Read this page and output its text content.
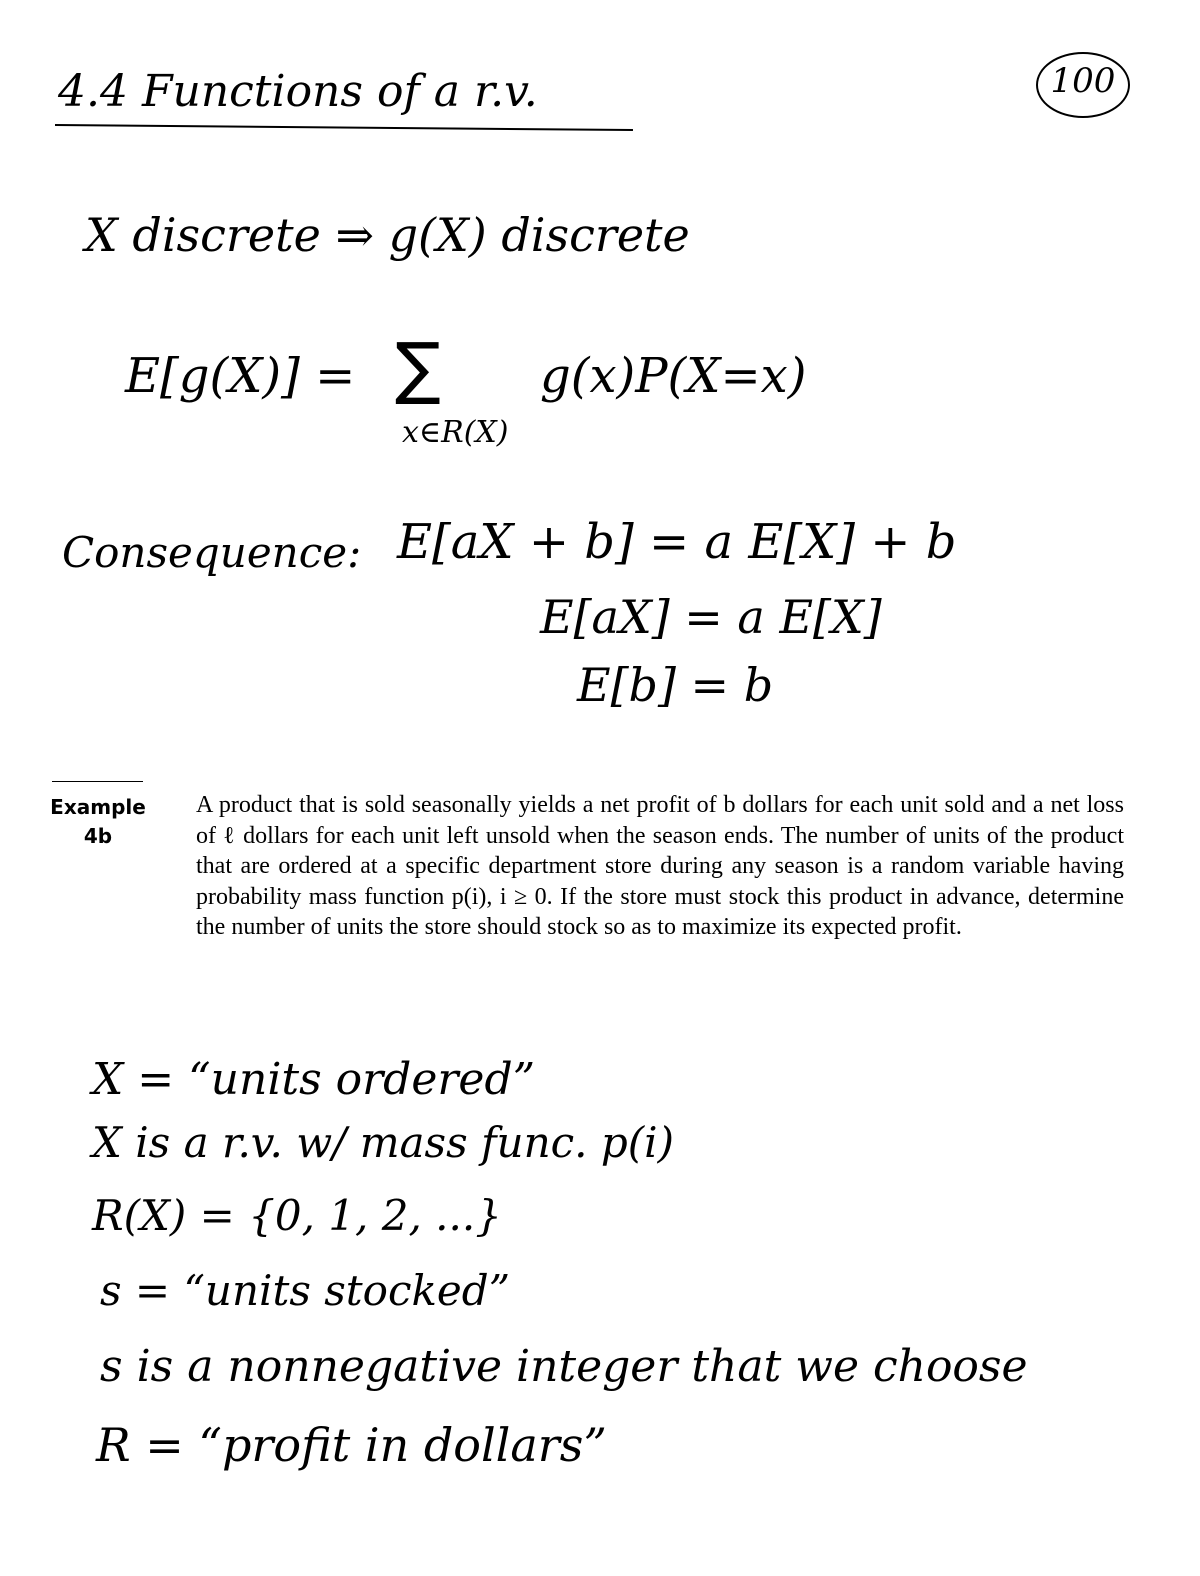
4.4 Functions of a r.v.	100
X discrete ⇒ g(X) discrete
E[g(X)] = ∑
x∈R(X)
g(x)P(X=x)
Consequence: E[aX + b] = a E[X] + b
E[aX] = a E[X]
E[b] = b
Example
4b
A product that is sold seasonally yields a net profit of b dollars for each unit sold and a net loss of ℓ dollars for each unit left unsold when the season ends. The number of units of the product that are ordered at a specific department store during any season is a random variable having probability mass function p(i), i ≥ 0. If the store must stock this product in advance, determine the number of units the store should stock so as to maximize its expected profit.
X = “units ordered”
X is a r.v. w/ mass func. p(i)
R(X) = {0, 1, 2, ...}
s = “units stocked”
s is a nonnegative integer that we choose
R = “profit in dollars”
